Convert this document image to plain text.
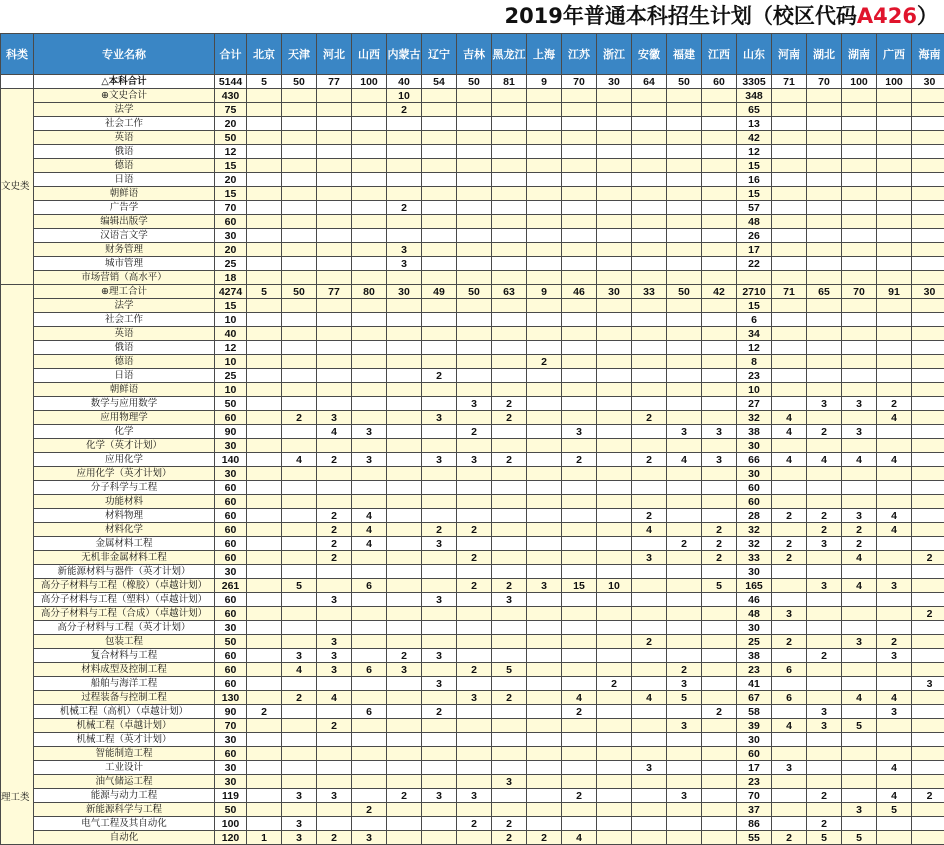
2019年普通本科招生计划（校区代码A426）
科类	专业名称	合计	北京	天津	河北	山西	内蒙古	辽宁	吉林	黑龙江	上海	江苏	浙江	安徽	福建	江西	山东	河南	湖北	湖南	广西	海南
	△本科合计	5144	5	50	77	100	40	54	50	81	9	70	30	64	50	60	3305	71	70	100	100	30
文史类	⊕文史合计	430					10										348					
	法学	75					2										65					
	社会工作	20															13					
	英语	50															42					
	俄语	12															12					
	德语	15															15					
	日语	20															16					
	朝鲜语	15															15					
	广告学	70					2										57					
	编辑出版学	60															48					
	汉语言文学	30															26					
	财务管理	20					3										17					
	城市管理	25					3										22					
	市场营销（高水平）	18																				
理工类	⊕理工合计	4274	5	50	77	80	30	49	50	63	9	46	30	33	50	42	2710	71	65	70	91	30
	法学	15															15					
	社会工作	10															6					
	英语	40															34					
	俄语	12															12					
	德语	10									2						8					
	日语	25						2									23					
	朝鲜语	10															10					
	数学与应用数学	50							3	2							27		3	3	2	
	应用物理学	60		2	3			3		2				2			32	4			4	
	化学	90			4	3			2			3			3	3	38	4	2	3		
	化学（英才计划）	30															30					
	应用化学	140		4	2	3		3	3	2		2		2	4	3	66	4	4	4	4	
	应用化学（英才计划）	30															30					
	分子科学与工程	60															60					
	功能材料	60															60					
	材料物理	60			2	4								2			28	2	2	3	4	
	材料化学	60			2	4		2	2					4		2	32		2	2	4	
	金属材料工程	60			2	4		3							2	2	32	2	3	2		
	无机非金属材料工程	60			2				2					3		2	33	2		4		2
	新能源材料与器件（英才计划）	30															30					
	高分子材料与工程（橡胶）（卓越计划）	261		5		6			2	2	3	15	10			5	165		3	4	3	
	高分子材料与工程（塑料）（卓越计划）	60			3			3		3							46					
	高分子材料与工程（合成）（卓越计划）	60															48	3				2
	高分子材料与工程（英才计划）	30															30					
	包装工程	50			3									2			25	2		3	2	
	复合材料与工程	60		3	3		2	3									38		2		3	
	材料成型及控制工程	60		4	3	6	3		2	5					2		23	6				
	船舶与海洋工程	60						3					2		3		41					3
	过程装备与控制工程	130		2	4				3	2		4		4	5		67	6		4	4	
	机械工程（高机）（卓越计划）	90	2			6		2				2				2	58		3		3	
	机械工程（卓越计划）	70			2										3		39	4	3	5		
	机械工程（英才计划）	30															30					
	智能制造工程	60															60					
	工业设计	30												3			17	3			4	
	油气储运工程	30								3							23					
	能源与动力工程	119		3	3		2	3	3			2			3		70		2		4	2
	新能源科学与工程	50				2											37			3	5	
	电气工程及其自动化	100		3					2	2							86		2			
	自动化	120	1	3	2	3				2	2	4					55	2	5	5		
